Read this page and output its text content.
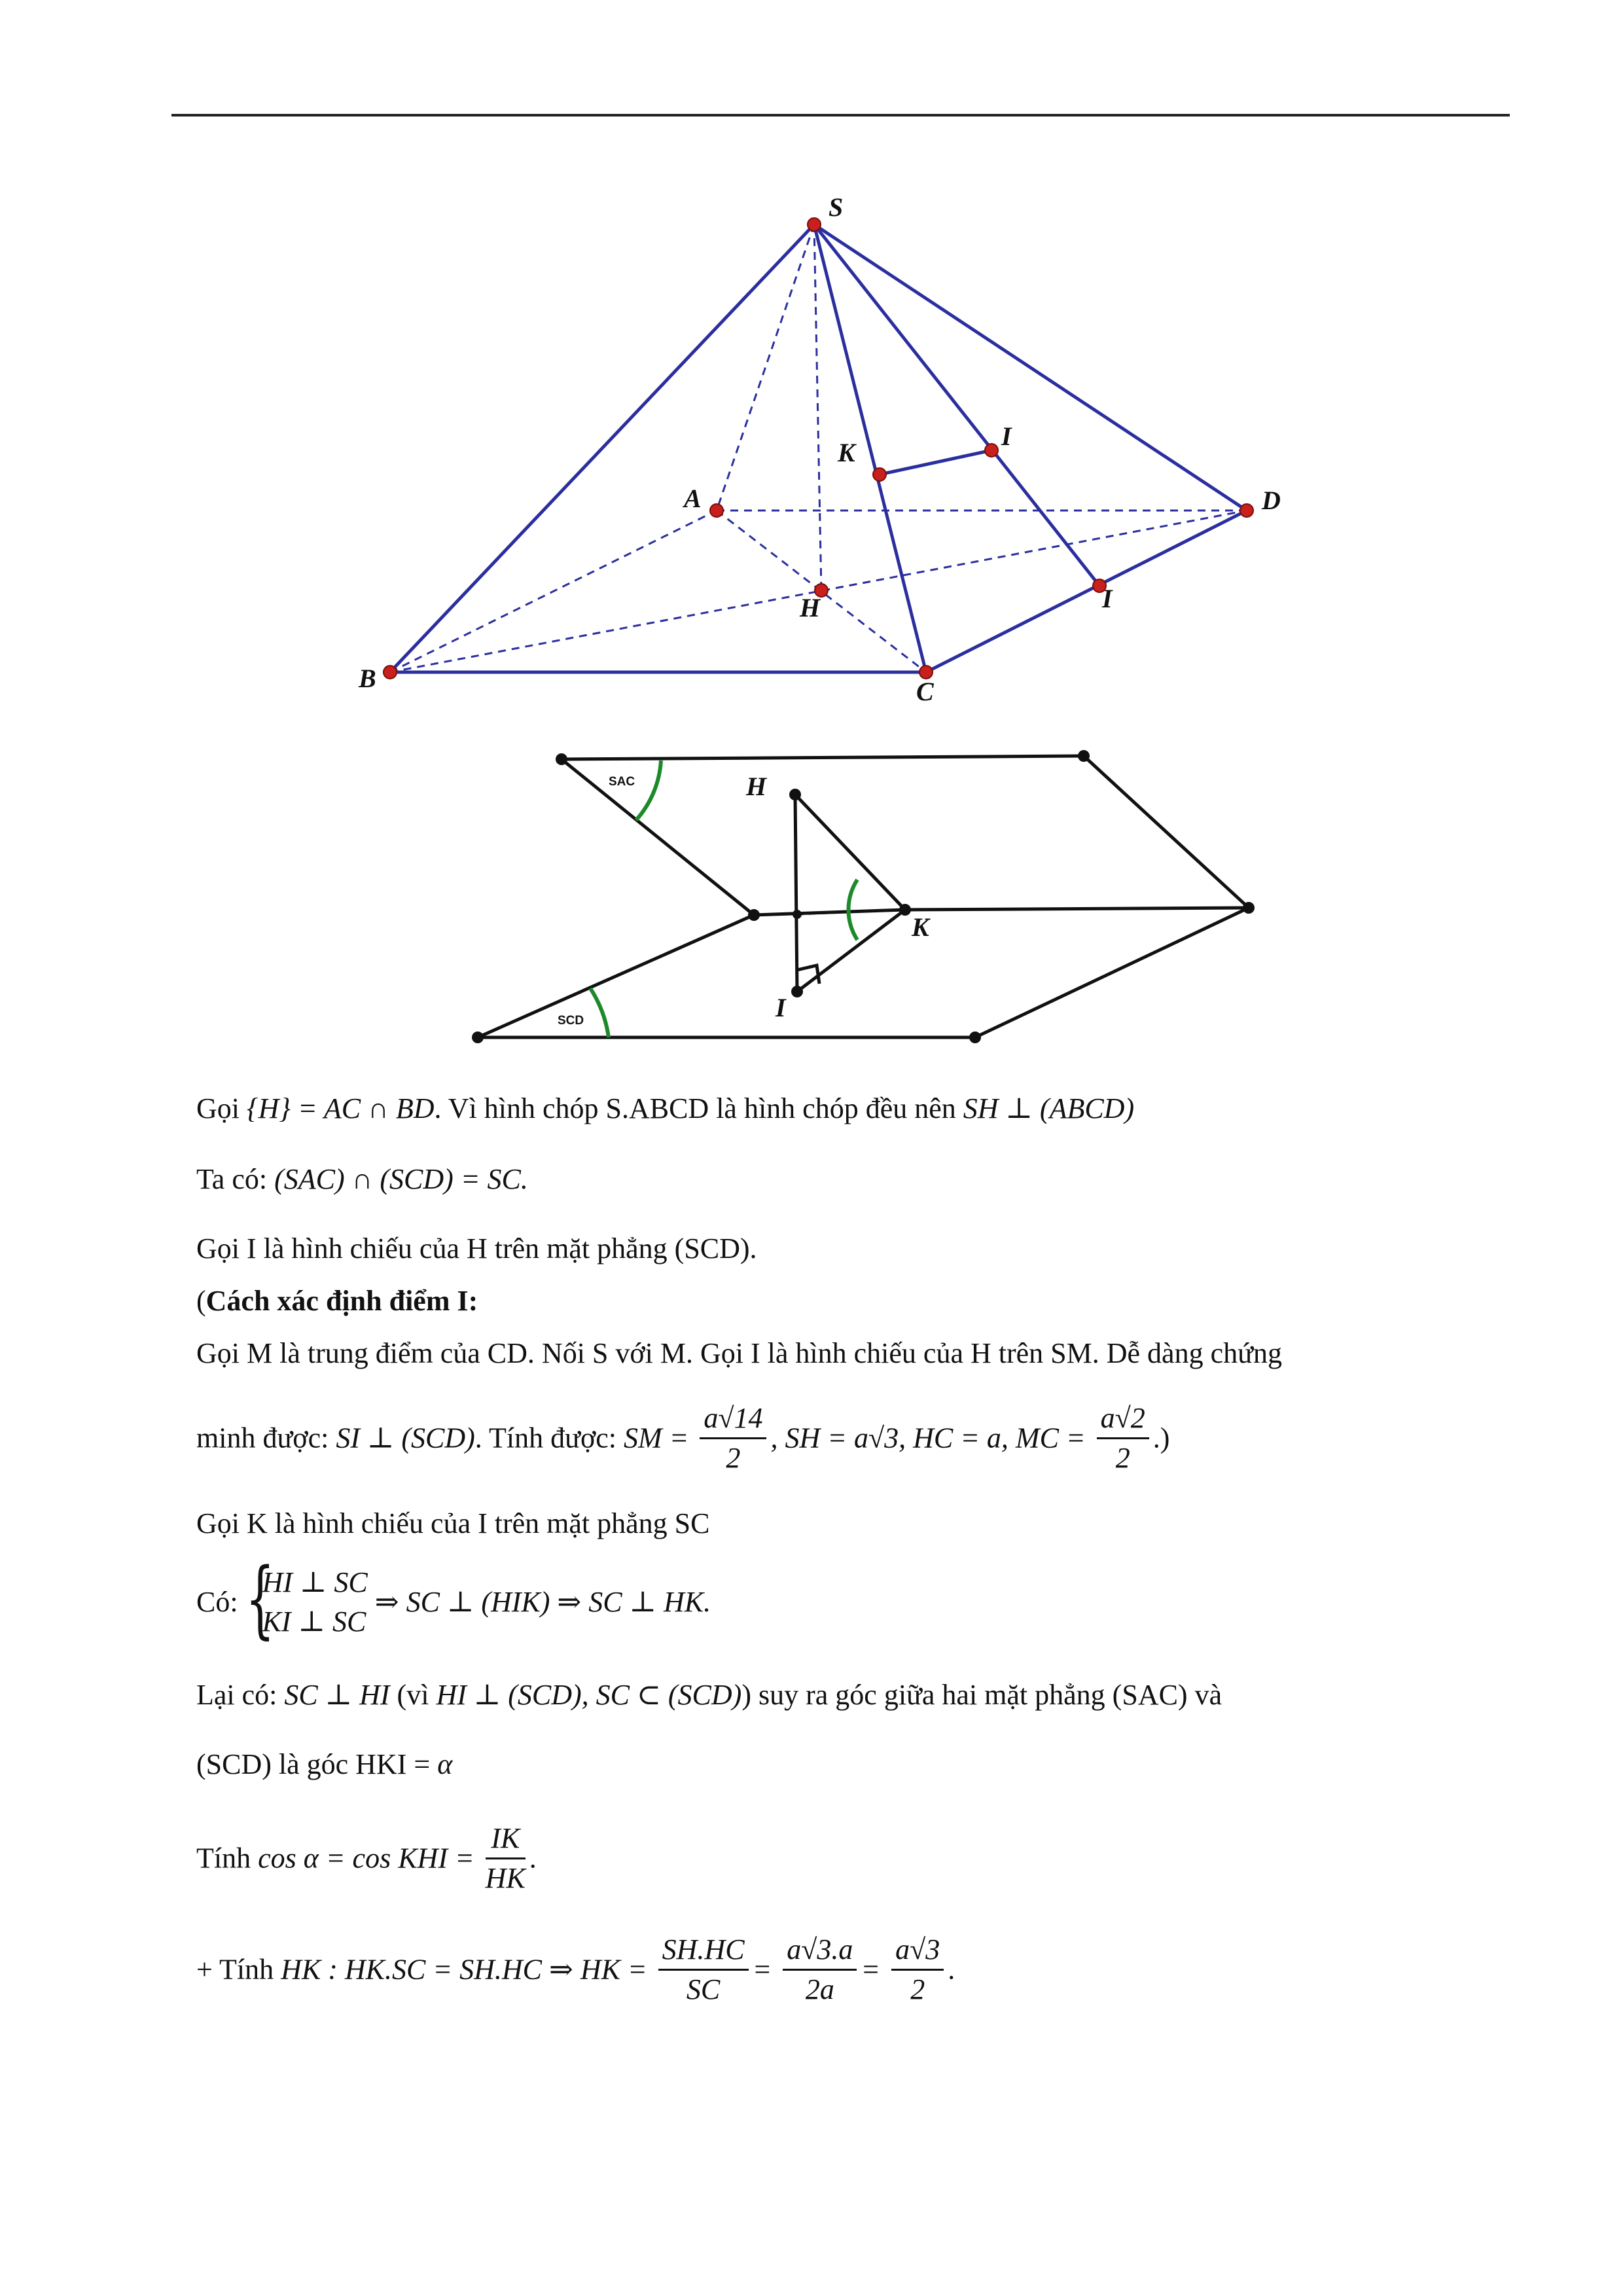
S
A
B	C
D
H
K
I
I
SAC
SCD
H
K
I
Gọi {H} = AC ∩ BD. Vì hình chóp S.ABCD là hình chóp đều nên SH ⊥ (ABCD)
Ta có: (SAC) ∩ (SCD) = SC.
Gọi I là hình chiếu của H trên mặt phẳng (SCD).
(Cách xác định điểm I:
Gọi M là trung điểm của CD. Nối S với M. Gọi I là hình chiếu của H trên SM. Dễ dàng chứng
minh được: SI ⊥ (SCD). Tính được: SM = $\frac{a√14}{2}$ , SH = a√3, HC = a, MC = $\frac{a√2}{2}$ .)
Gọi K là hình chiếu của I trên mặt phẳng SC
Có: {
HI ⊥ SC
KI ⊥ SC
⇒ SC ⊥ (HIK) ⇒ SC ⊥ HK.
Lại có: SC ⊥ HI (vì HI ⊥ (SCD), SC ⊂ (SCD)) suy ra góc giữa hai mặt phẳng (SAC) và
(SCD) là góc HKI = α
Tính cos α = cos KHI = $\frac{IK}{HK}$ .
+ Tính HK : HK.SC = SH.HC ⇒ HK = $\frac{SH.HC}{SC} = \frac{a√3.a}{2a} = \frac{a√3}{2}$ .
